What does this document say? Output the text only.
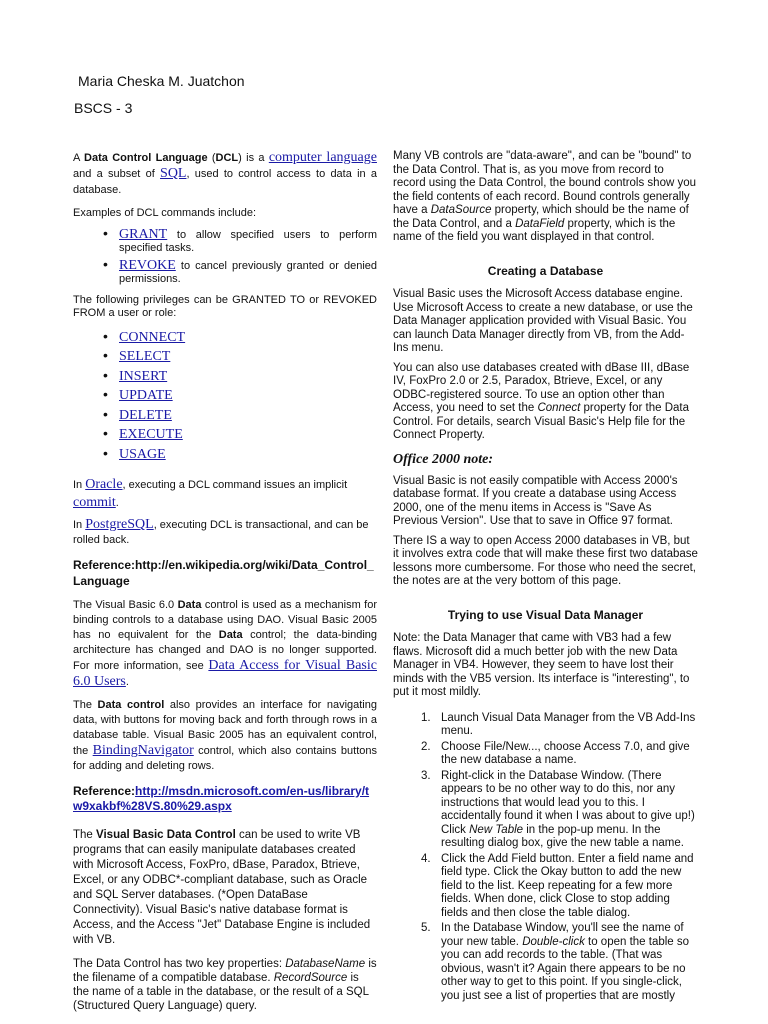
Maria Cheska M. Juatchon
BSCS - 3

A Data Control Language (DCL) is a computer language and a subset of SQL, used to control access to data in a database.

Examples of DCL commands include:

• GRANT to allow specified users to perform specified tasks.
• REVOKE to cancel previously granted or denied permissions.

The following privileges can be GRANTED TO or REVOKED FROM a user or role:

• CONNECT
• SELECT
• INSERT
• UPDATE
• DELETE
• EXECUTE
• USAGE

In Oracle, executing a DCL command issues an implicit commit.

In PostgreSQL, executing DCL is transactional, and can be rolled back.

Reference:http://en.wikipedia.org/wiki/Data_Control_Language

The Visual Basic 6.0 Data control is used as a mechanism for binding controls to a database using DAO. Visual Basic 2005 has no equivalent for the Data control; the data-binding architecture has changed and DAO is no longer supported. For more information, see Data Access for Visual Basic 6.0 Users.

The Data control also provides an interface for navigating data, with buttons for moving back and forth through rows in a database table. Visual Basic 2005 has an equivalent control, the BindingNavigator control, which also contains buttons for adding and deleting rows.

Reference:http://msdn.microsoft.com/en-us/library/tw9xakbf%28VS.80%29.aspx

The Visual Basic Data Control can be used to write VB programs that can easily manipulate databases created with Microsoft Access, FoxPro, dBase, Paradox, Btrieve, Excel, or any ODBC*-compliant database, such as Oracle and SQL Server databases. (*Open DataBase Connectivity). Visual Basic's native database format is Access, and the Access "Jet" Database Engine is included with VB.

The Data Control has two key properties: DatabaseName is the filename of a compatible database. RecordSource is the name of a table in the database, or the result of a SQL (Structured Query Language) query.

Many VB controls are "data-aware", and can be "bound" to the Data Control. That is, as you move from record to record using the Data Control, the bound controls show you the field contents of each record. Bound controls generally have a DataSource property, which should be the name of the Data Control, and a DataField property, which is the name of the field you want displayed in that control.

Creating a Database

Visual Basic uses the Microsoft Access database engine. Use Microsoft Access to create a new database, or use the Data Manager application provided with Visual Basic. You can launch Data Manager directly from VB, from the Add-Ins menu.

You can also use databases created with dBase III, dBase IV, FoxPro 2.0 or 2.5, Paradox, Btrieve, Excel, or any ODBC-registered source. To use an option other than Access, you need to set the Connect property for the Data Control. For details, search Visual Basic's Help file for the Connect Property.

Office 2000 note:

Visual Basic is not easily compatible with Access 2000's database format. If you create a database using Access 2000, one of the menu items in Access is "Save As Previous Version". Use that to save in Office 97 format.

There IS a way to open Access 2000 databases in VB, but it involves extra code that will make these first two database lessons more cumbersome. For those who need the secret, the notes are at the very bottom of this page.

Trying to use Visual Data Manager

Note: the Data Manager that came with VB3 had a few flaws. Microsoft did a much better job with the new Data Manager in VB4. However, they seem to have lost their minds with the VB5 version. Its interface is "interesting", to put it most mildly.

1. Launch Visual Data Manager from the VB Add-Ins menu.
2. Choose File/New..., choose Access 7.0, and give the new database a name.
3. Right-click in the Database Window. (There appears to be no other way to do this, nor any instructions that would lead you to this. I accidentally found it when I was about to give up!) Click New Table in the pop-up menu. In the resulting dialog box, give the new table a name.
4. Click the Add Field button. Enter a field name and field type. Click the Okay button to add the new field to the list. Keep repeating for a few more fields. When done, click Close to stop adding fields and then close the table dialog.
5. In the Database Window, you'll see the name of your new table. Double-click to open the table so you can add records to the table. (That was obvious, wasn't it? Again there appears to be no other way to get to this point. If you single-click, you just see a list of properties that are mostly
